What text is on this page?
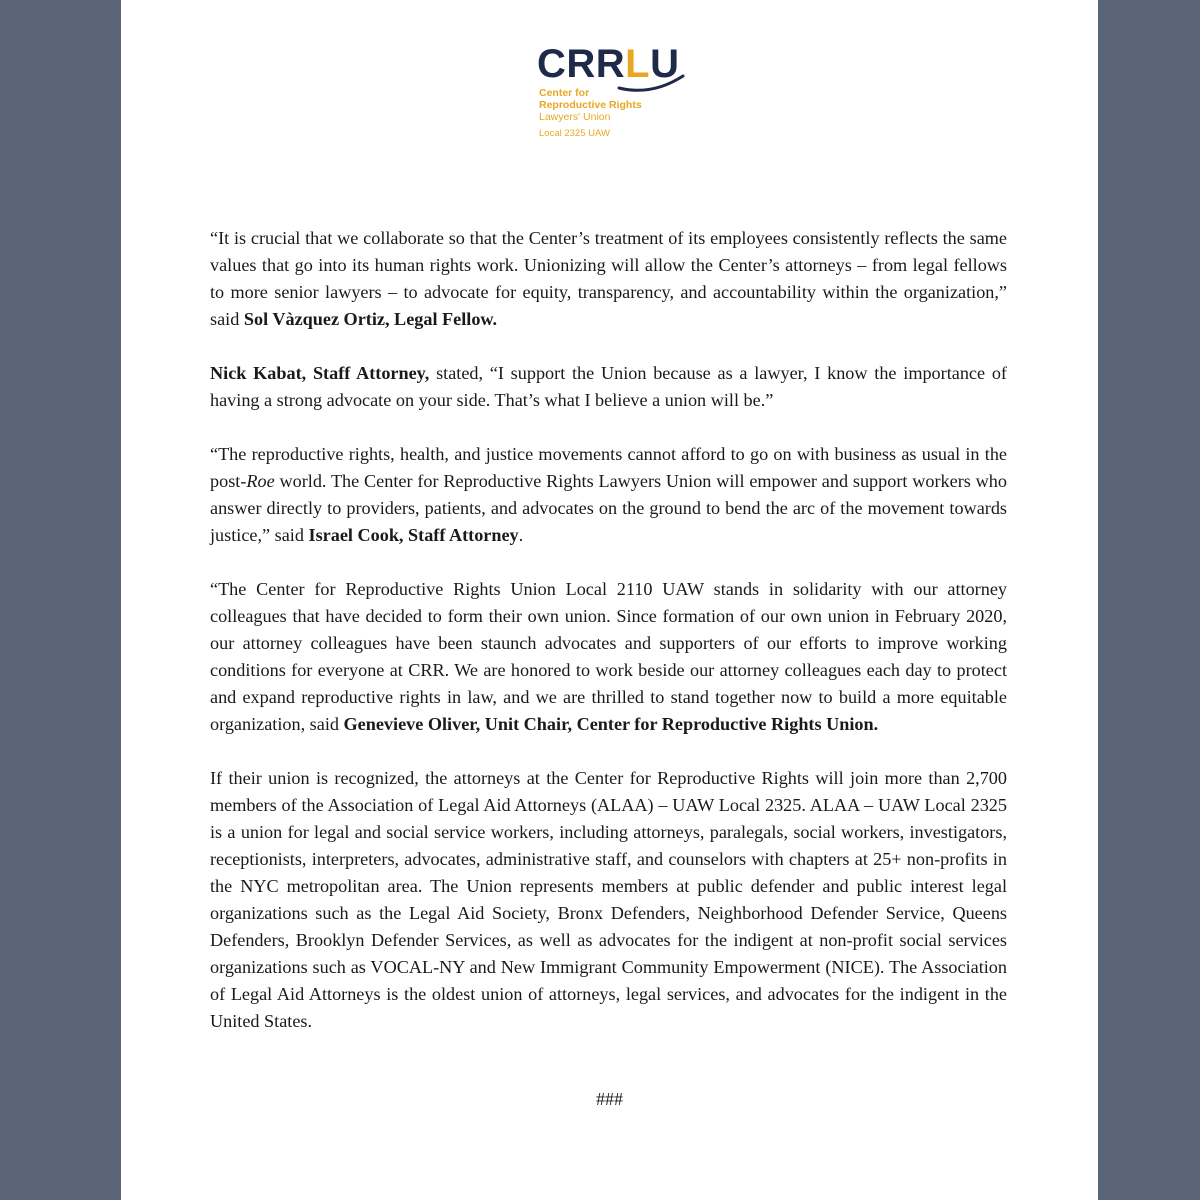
CRRLU
Center for
Reproductive Rights
Lawyers' Union
Local 2325 UAW

“It is crucial that we collaborate so that the Center’s treatment of its employees consistently reflects the same values that go into its human rights work. Unionizing will allow the Center’s attorneys – from legal fellows to more senior lawyers – to advocate for equity, transparency, and accountability within the organization,” said Sol Vàzquez Ortiz, Legal Fellow.

Nick Kabat, Staff Attorney, stated, “I support the Union because as a lawyer, I know the importance of having a strong advocate on your side. That’s what I believe a union will be.”

“The reproductive rights, health, and justice movements cannot afford to go on with business as usual in the post-Roe world. The Center for Reproductive Rights Lawyers Union will empower and support workers who answer directly to providers, patients, and advocates on the ground to bend the arc of the movement towards justice,” said Israel Cook, Staff Attorney.

“The Center for Reproductive Rights Union Local 2110 UAW stands in solidarity with our attorney colleagues that have decided to form their own union. Since formation of our own union in February 2020, our attorney colleagues have been staunch advocates and supporters of our efforts to improve working conditions for everyone at CRR. We are honored to work beside our attorney colleagues each day to protect and expand reproductive rights in law, and we are thrilled to stand together now to build a more equitable organization, said Genevieve Oliver, Unit Chair, Center for Reproductive Rights Union.

If their union is recognized, the attorneys at the Center for Reproductive Rights will join more than 2,700 members of the Association of Legal Aid Attorneys (ALAA) – UAW Local 2325. ALAA – UAW Local 2325 is a union for legal and social service workers, including attorneys, paralegals, social workers, investigators, receptionists, interpreters, advocates, administrative staff, and counselors with chapters at 25+ non-profits in the NYC metropolitan area. The Union represents members at public defender and public interest legal organizations such as the Legal Aid Society, Bronx Defenders, Neighborhood Defender Service, Queens Defenders, Brooklyn Defender Services, as well as advocates for the indigent at non-profit social services organizations such as VOCAL-NY and New Immigrant Community Empowerment (NICE). The Association of Legal Aid Attorneys is the oldest union of attorneys, legal services, and advocates for the indigent in the United States.

###
